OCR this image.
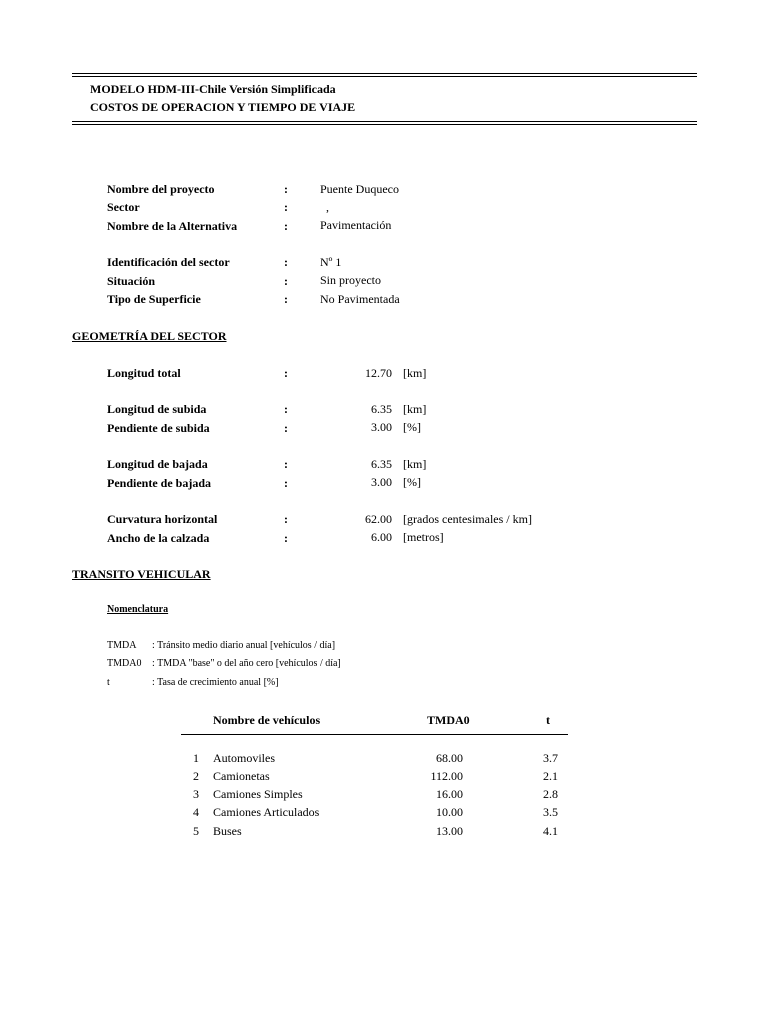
MODELO HDM-III-Chile Versión Simplificada
COSTOS DE OPERACION Y TIEMPO DE VIAJE
Nombre del proyecto	:	Puente Duqueco
Sector	:	,
Nombre de la Alternativa	:	Pavimentación
Identificación del sector	:	Nº 1
Situación	:	Sin proyecto
Tipo de Superficie	:	No Pavimentada
GEOMETRÍA DEL SECTOR
Longitud total	:	12.70 [km]
Longitud de subida	:	6.35 [km]
Pendiente de subida	:	3.00 [%]
Longitud de bajada	:	6.35 [km]
Pendiente de bajada	:	3.00 [%]
Curvatura horizontal	:	62.00 [grados centesimales / km]
Ancho de la calzada	:	6.00 [metros]
TRANSITO VEHICULAR
Nomenclatura
TMDA : Tránsito medio diario anual [vehículos / día]
TMDA0 : TMDA "base" o del año cero [vehículos / día]
t	: Tasa de crecimiento anual [%]
Nombre de vehículos	TMDA0	t
1 Automoviles	68.00	3.7
2 Camionetas	112.00	2.1
3 Camiones Simples	16.00	2.8
4 Camiones Articulados	10.00	3.5
5 Buses	13.00	4.1
